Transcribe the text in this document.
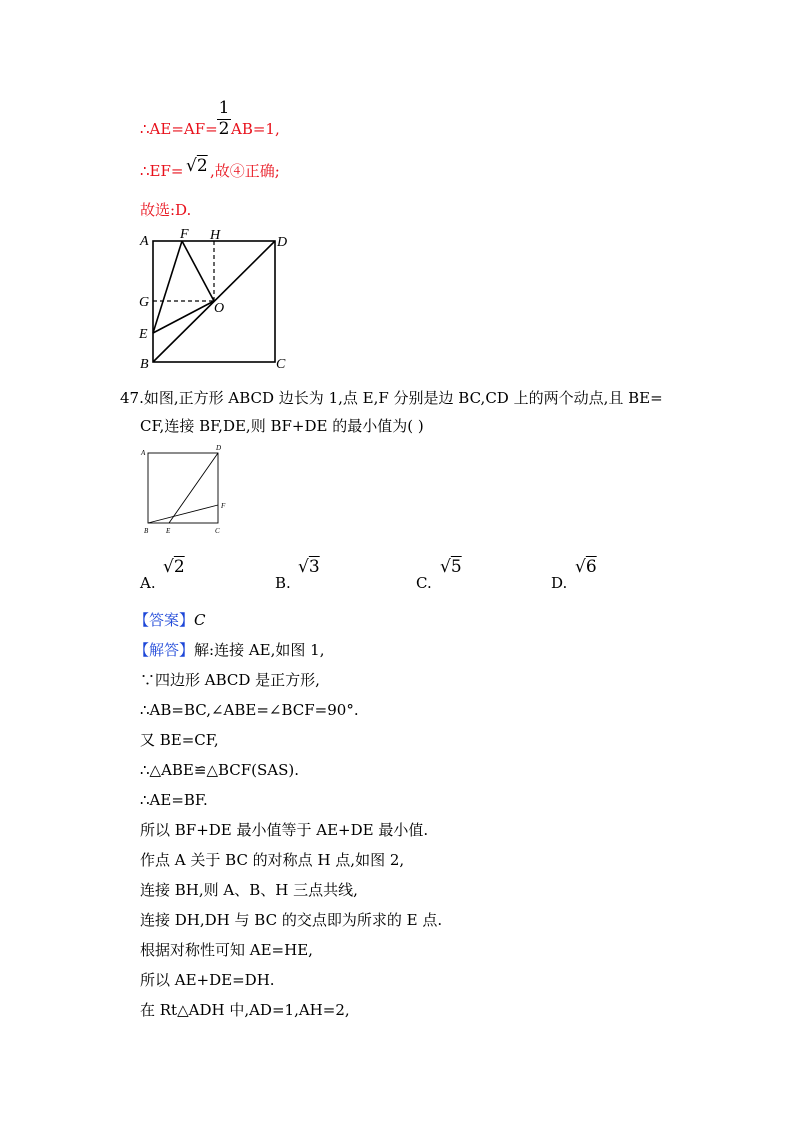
1
2
∴AE=AF= AB=1,
∴EF= √2 ,故④正确;
故选:D.
A F H	D
G	O
E
B	C
47.如图,正方形 ABCD 边长为 1,点 E,F 分别是边 BC,CD 上的两个动点,且 BE=
CF,连接 BF,DE,则 BF+DE 的最小值为( )
A
D
F
B	E	C
A.
√2
B.
√3
C.
√5
D.
√6
【答案】C
【解答】解:连接 AE,如图 1,
∵四边形 ABCD 是正方形,
∴AB=BC,∠ABE=∠BCF=90°.
又 BE=CF,
∴△ABE≌△BCF(SAS).
∴AE=BF.
所以 BF+DE 最小值等于 AE+DE 最小值.
作点 A 关于 BC 的对称点 H 点,如图 2,
连接 BH,则 A、B、H 三点共线,
连接 DH,DH 与 BC 的交点即为所求的 E 点.
根据对称性可知 AE=HE,
所以 AE+DE=DH.
在 Rt△ADH 中,AD=1,AH=2,
